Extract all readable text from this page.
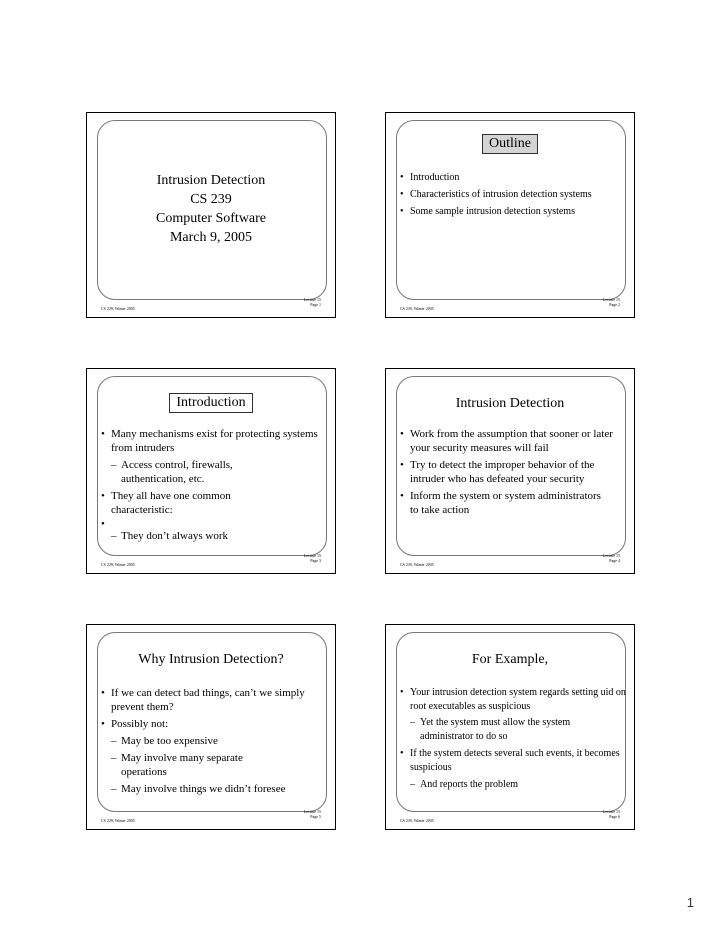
Intrusion Detection
CS 239
Computer Software
March 9, 2005
CS 239, Winter 2005
Lecture 15
Page 1
Outline
• Introduction
• Characteristics of intrusion detection systems
• Some sample intrusion detection systems
CS 239, Winter 2005
Lecture 15
Page 2
Introduction
• Many mechanisms exist for protecting systems from intruders
– Access control, firewalls, authentication, etc.
• They all have one common characteristic:
•
– They don’t always work
CS 239, Winter 2005
Lecture 15
Page 3
Intrusion Detection
• Work from the assumption that sooner or later your security measures will fail
• Try to detect the improper behavior of the intruder who has defeated your security
• Inform the system or system administrators to take action
CS 239, Winter 2005
Lecture 15
Page 4
Why Intrusion Detection?
• If we can detect bad things, can’t we simply prevent them?
• Possibly not:
– May be too expensive
– May involve many separate operations
– May involve things we didn’t foresee
CS 239, Winter 2005
Lecture 15
Page 5
For Example,
• Your intrusion detection system regards setting uid on root executables as suspicious
– Yet the system must allow the system administrator to do so
• If the system detects several such events, it becomes suspicious
– And reports the problem
CS 239, Winter 2005
Lecture 15
Page 6
1
